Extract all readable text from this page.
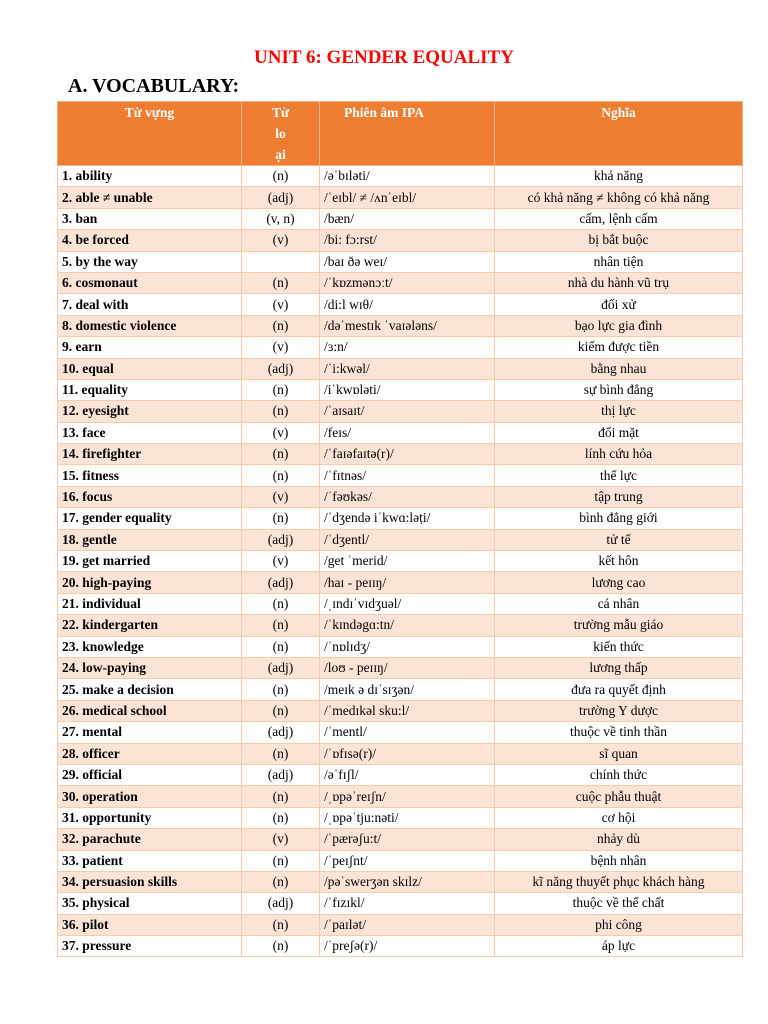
UNIT 6: GENDER EQUALITY
A. VOCABULARY:
Từ vựng	Từ
lo
ại	Phiên âm IPA	Nghĩa
1. ability	(n)	/əˈbɪləti/	khả năng
2. able ≠ unable	(adj)	/ˈeɪbl/ ≠ /ʌnˈeɪbl/	có khả năng ≠ không có khả năng
3. ban	(v, n)	/bæn/	cấm, lệnh cấm
4. be forced	(v)	/bi: fɔ:rst/	bị bắt buộc
5. by the way		/baɪ ðə weɪ/	nhân tiện
6. cosmonaut	(n)	/ˈkɒzmənɔːt/	nhà du hành vũ trụ
7. deal with	(v)	/di:l wɪθ/	đối xử
8. domestic violence	(n)	/dəˈmestɪk ˈvaɪələns/	bạo lực gia đình
9. earn	(v)	/ɜ:n/	kiếm được tiền
10. equal	(adj)	/ˈi:kwəl/	bằng nhau
11. equality	(n)	/iˈkwɒləti/	sự bình đẳng
12. eyesight	(n)	/ˈaɪsaɪt/	thị lực
13. face	(v)	/feɪs/	đối mặt
14. firefighter	(n)	/ˈfaɪəfaɪtə(r)/	lính cứu hỏa
15. fitness	(n)	/ˈfɪtnəs/	thể lực
16. focus	(v)	/ˈfəʊkəs/	tập trung
17. gender equality	(n)	/ˈdʒendə iˈkwɑ:ləṭi/	bình đẳng giới
18. gentle	(adj)	/ˈdʒentl/	tử tế
19. get married	(v)	/get ˈmerid/	kết hôn
20. high-paying	(adj)	/haɪ - peɪɪŋ/	lương cao
21. individual	(n)	/ˌɪndɪˈvɪdʒuəl/	cá nhân
22. kindergarten	(n)	/ˈkɪndəgɑ:tn/	trường mẫu giáo
23. knowledge	(n)	/ˈnɒlɪdʒ/	kiến thức
24. low-paying	(adj)	/loʊ - peɪɪŋ/	lương thấp
25. make a decision	(n)	/meɪk ə dɪˈsɪʒən/	đưa ra quyết định
26. medical school	(n)	/ˈmedɪkəl sku:l/	trường Y dược
27. mental	(adj)	/ˈmentl/	thuộc về tinh thần
28. officer	(n)	/ˈɒfɪsə(r)/	sĩ quan
29. official	(adj)	/əˈfɪʃl/	chính thức
30. operation	(n)	/ˌɒpəˈreɪʃn/	cuộc phẫu thuật
31. opportunity	(n)	/ˌɒpəˈtju:nəti/	cơ hội
32. parachute	(v)	/ˈpærəʃu:t/	nhảy dù
33. patient	(n)	/ˈpeɪʃnt/	bệnh nhân
34. persuasion skills	(n)	/pəˈswerʒən skɪlz/	kĩ năng thuyết phục khách hàng
35. physical	(adj)	/ˈfɪzɪkl/	thuộc về thể chất
36. pilot	(n)	/ˈpaɪlət/	phi công
37. pressure	(n)	/ˈpreʃə(r)/	áp lực
